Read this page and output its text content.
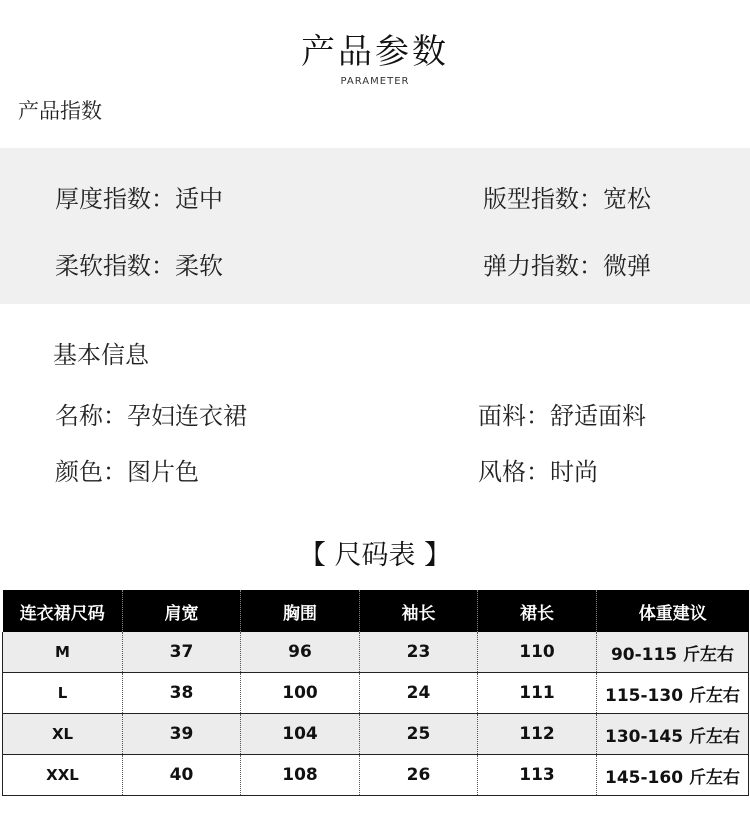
产品参数
PARAMETER
产品指数
厚度指数：适中	版型指数：宽松
柔软指数：柔软	弹力指数：微弹
基本信息
名称：孕妇连衣裙	面料：舒适面料
颜色：图片色	风格：时尚
【 尺码表 】
连衣裙尺码	肩宽	胸围	袖长	裙长	体重建议
M	37	96	23	110	90-115 斤左右
L	38	100	24	111	115-130 斤左右
XL	39	104	25	112	130-145 斤左右
XXL	40	108	26	113	145-160 斤左右
